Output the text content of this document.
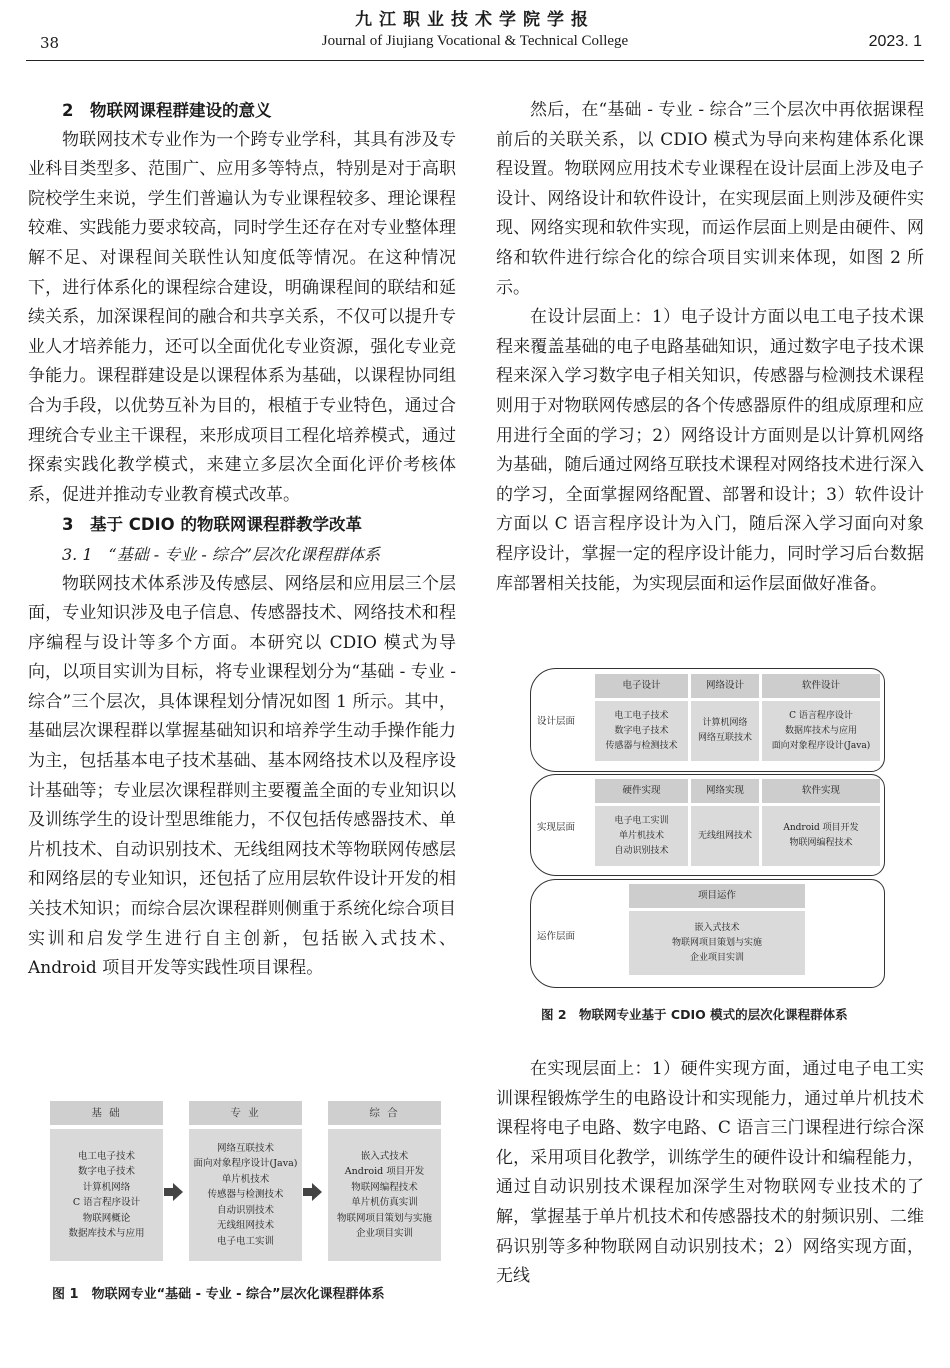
九江职业技术学院学报
38	Journal of Jiujiang Vocational & Technical College	2023. 1
2　物联网课程群建设的意义

物联网技术专业作为一个跨专业学科，其具有涉及专业科目类型多、范围广、应用多等特点，特别是对于高职院校学生来说，学生们普遍认为专业课程较多、理论课程较难、实践能力要求较高，同时学生还存在对专业整体理解不足、对课程间关联性认知度低等情况。在这种情况下，进行体系化的课程综合建设，明确课程间的联结和延续关系，加深课程间的融合和共享关系，不仅可以提升专业人才培养能力，还可以全面优化专业资源，强化专业竞争能力。课程群建设是以课程体系为基础，以课程协同组合为手段，以优势互补为目的，根植于专业特色，通过合理统合专业主干课程，来形成项目工程化培养模式，通过探索实践化教学模式，来建立多层次全面化评价考核体系，促进并推动专业教育模式改革。

3　基于 CDIO 的物联网课程群教学改革
3. 1　“基础 - 专业 - 综合”层次化课程群体系

物联网技术体系涉及传感层、网络层和应用层三个层面，专业知识涉及电子信息、传感器技术、网络技术和程序编程与设计等多个方面。本研究以 CDIO 模式为导向，以项目实训为目标，将专业课程划分为“基础 - 专业 - 综合”三个层次，具体课程划分情况如图 1 所示。其中，基础层次课程群以掌握基础知识和培养学生动手操作能力为主，包括基本电子技术基础、基本网络技术以及程序设计基础等；专业层次课程群则主要覆盖全面的专业知识以及训练学生的设计型思维能力，不仅包括传感器技术、单片机技术、自动识别技术、无线组网技术等物联网传感层和网络层的专业知识，还包括了应用层软件设计开发的相关技术知识；而综合层次课程群则侧重于系统化综合项目实训和启发学生进行自主创新，包括嵌入式技术、Android 项目开发等实践性项目课程。

基 础
电工电子技术
数字电子技术
计算机网络
C 语言程序设计
物联网概论
数据库技术与应用
专 业
网络互联技术
面向对象程序设计(Java)
单片机技术
传感器与检测技术
自动识别技术
无线组网技术
电子电工实训
综 合
嵌入式技术
Android 项目开发
物联网编程技术
单片机仿真实训
物联网项目策划与实施
企业项目实训
图 1　物联网专业“基础 - 专业 - 综合”层次化课程群体系

然后，在“基础 - 专业 - 综合”三个层次中再依据课程前后的关联关系，以 CDIO 模式为导向来构建体系化课程设置。物联网应用技术专业课程在设计层面上涉及电子设计、网络设计和软件设计，在实现层面上则涉及硬件实现、网络实现和软件实现，而运作层面上则是由硬件、网络和软件进行综合化的综合项目实训来体现，如图 2 所示。

在设计层面上：1）电子设计方面以电工电子技术课程来覆盖基础的电子电路基础知识，通过数字电子技术课程来深入学习数字电子相关知识，传感器与检测技术课程则用于对物联网传感层的各个传感器原件的组成原理和应用进行全面的学习；2）网络设计方面则是以计算机网络为基础，随后通过网络互联技术课程对网络技术进行深入的学习，全面掌握网络配置、部署和设计；3）软件设计方面以 C 语言程序设计为入门，随后深入学习面向对象程序设计，掌握一定的程序设计能力，同时学习后台数据库部署相关技能，为实现层面和运作层面做好准备。

设计层面
电子设计	网络设计	软件设计
电工电子技术
数字电子技术
传感器与检测技术
计算机网络
网络互联技术
C 语言程序设计
数据库技术与应用
面向对象程序设计(Java)
实现层面
硬件实现	网络实现	软件实现
电子电工实训
单片机技术
自动识别技术
无线组网技术
Android 项目开发
物联网编程技术
运作层面
项目运作
嵌入式技术
物联网项目策划与实施
企业项目实训
图 2　物联网专业基于 CDIO 模式的层次化课程群体系

在实现层面上：1）硬件实现方面，通过电子电工实训课程锻炼学生的电路设计和实现能力，通过单片机技术课程将电子电路、数字电路、C 语言三门课程进行综合深化，采用项目化教学，训练学生的硬件设计和编程能力，通过自动识别技术课程加深学生对物联网专业技术的了解，掌握基于单片机技术和传感器技术的射频识别、二维码识别等多种物联网自动识别技术；2）网络实现方面，无线
